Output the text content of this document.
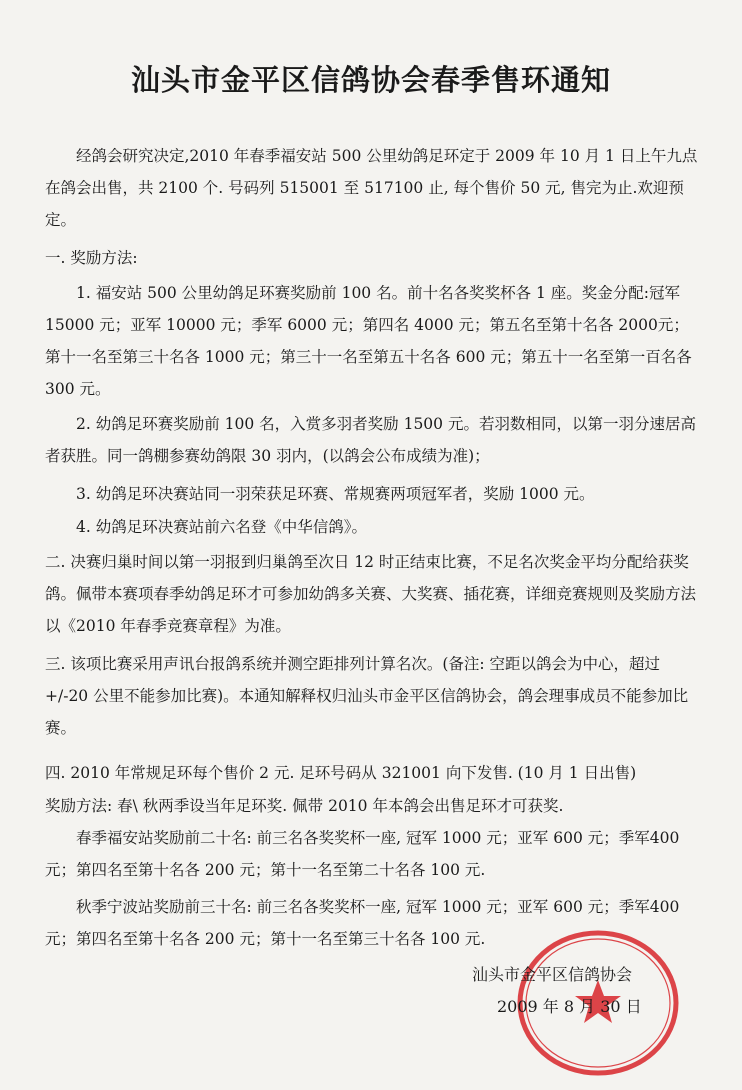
汕头市金平区信鸽协会春季售环通知

经鸽会研究决定,2010 年春季福安站 500 公里幼鸽足环定于 2009 年 10 月 1 日上午九点在鸽会出售，共 2100 个. 号码列 515001 至 517100 止, 每个售价 50 元, 售完为止.欢迎预定。

一. 奖励方法:

1. 福安站 500 公里幼鸽足环赛奖励前 100 名。前十名各奖奖杯各 1 座。奖金分配:冠军 15000 元；亚军 10000 元；季军 6000 元；第四名 4000 元；第五名至第十名各 2000元；第十一名至第三十名各 1000 元；第三十一名至第五十名各 600 元；第五十一名至第一百名各 300 元。

2. 幼鸽足环赛奖励前 100 名，入赏多羽者奖励 1500 元。若羽数相同，以第一羽分速居高者获胜。同一鸽棚参赛幼鸽限 30 羽内，(以鸽会公布成绩为准)；

3. 幼鸽足环决赛站同一羽荣获足环赛、常规赛两项冠军者，奖励 1000 元。

4. 幼鸽足环决赛站前六名登《中华信鸽》。

二. 决赛归巢时间以第一羽报到归巢鸽至次日 12 时正结束比赛，不足名次奖金平均分配给获奖鸽。佩带本赛项春季幼鸽足环才可参加幼鸽多关赛、大奖赛、插花赛，详细竞赛规则及奖励方法以《2010 年春季竞赛章程》为准。

三. 该项比赛采用声讯台报鸽系统并测空距排列计算名次。(备注: 空距以鸽会为中心，超过+/-20 公里不能参加比赛)。本通知解释权归汕头市金平区信鸽协会，鸽会理事成员不能参加比赛。

四. 2010 年常规足环每个售价 2 元. 足环号码从 321001 向下发售. (10 月 1 日出售)

奖励方法: 春\ 秋两季设当年足环奖. 佩带 2010 年本鸽会出售足环才可获奖.

春季福安站奖励前二十名: 前三名各奖奖杯一座, 冠军 1000 元；亚军 600 元；季军400 元；第四名至第十名各 200 元；第十一名至第二十名各 100 元.

秋季宁波站奖励前三十名: 前三名各奖奖杯一座, 冠军 1000 元；亚军 600 元；季军400 元；第四名至第十名各 200 元；第十一名至第三十名各 100 元.

汕头市金平区信鸽协会
2009 年 8 月 30 日
